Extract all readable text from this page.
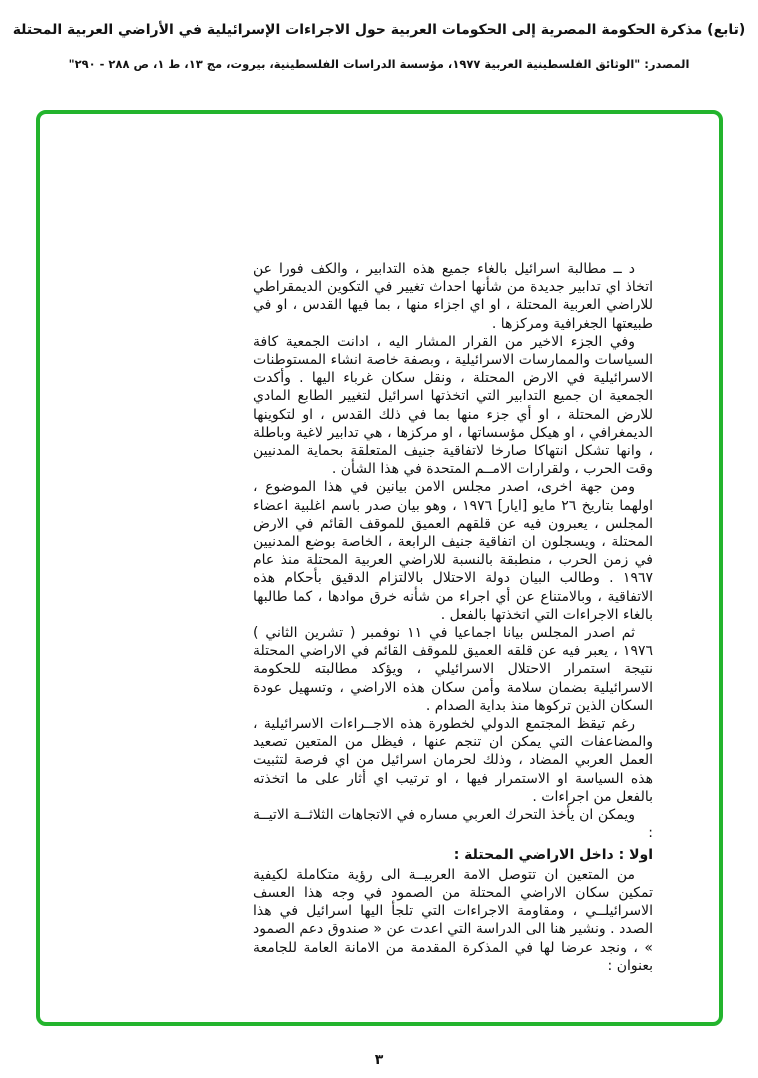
(تابع) مذكرة الحكومة المصرية إلى الحكومات العربية حول الاجراءات الإسرائيلية في الأراضي العربية المحتلة
المصدر: "الوثائق الفلسطينية العربية ١٩٧٧، مؤسسة الدراسات الفلسطينية، بيروت، مج ١٣، ط ١، ص ٢٨٨ - ٢٩٠"

د ــ مطالبة اسرائيل بالغاء جميع هذه التدابير ، والكف فورا عن اتخاذ اي تدابير جديدة من شأنها احداث تغيير في التكوين الديمقراطي للاراضي العربية المحتلة ، او اي اجزاء منها ، بما فيها القدس ، او في طبيعتها الجغرافية ومركزها .

وفي الجزء الاخير من القرار المشار اليه ، ادانت الجمعية كافة السياسات والممارسات الاسرائيلية ، وبصفة خاصة انشاء المستوطنات الاسرائيلية في الارض المحتلة ، ونقل سكان غرباء اليها . وأكدت الجمعية ان جميع التدابير التي اتخذتها اسرائيل لتغيير الطابع المادي للارض المحتلة ، او أي جزء منها بما في ذلك القدس ، او لتكوينها الديمغرافي ، او هيكل مؤسساتها ، او مركزها ، هي تدابير لاغية وباطلة ، وانها تشكل انتهاكا صارخا لاتفاقية جنيف المتعلقة بحماية المدنيين وقت الحرب ، ولقرارات الامــم المتحدة في هذا الشأن .

ومن جهة اخرى، اصدر مجلس الامن بيانين في هذا الموضوع ، اولهما بتاريخ ٢٦ مايو [ايار] ١٩٧٦ ، وهو بيان صدر باسم اغلبية اعضاء المجلس ، يعبرون فيه عن قلقهم العميق للموقف القائم في الارض المحتلة ، ويسجلون ان اتفاقية جنيف الرابعة ، الخاصة بوضع المدنيين في زمن الحرب ، منطبقة بالنسبة للاراضي العربية المحتلة منذ عام ١٩٦٧ . وطالب البيان دولة الاحتلال بالالتزام الدقيق بأحكام هذه الاتفاقية ، وبالامتناع عن أي اجراء من شأنه خرق موادها ، كما طالبها بالغاء الاجراءات التي اتخذتها بالفعل .

ثم اصدر المجلس بيانا اجماعيا في ١١ نوفمبر ( تشرين الثاني ) ١٩٧٦ ، يعبر فيه عن قلقه العميق للموقف القائم في الاراضي المحتلة نتيجة استمرار الاحتلال الاسرائيلي ، ويؤكد مطالبته للحكومة الاسرائيلية بضمان سلامة وأمن سكان هذه الاراضي ، وتسهيل عودة السكان الذين تركوها منذ بداية الصدام .

رغم تيقظ المجتمع الدولي لخطورة هذه الاجــراءات الاسرائيلية ، والمضاعفات التي يمكن ان تنجم عنها ، فيظل من المتعين تصعيد العمل العربي المضاد ، وذلك لحرمان اسرائيل من اي فرصة لتثبيت هذه السياسة او الاستمرار فيها ، او ترتيب اي أثار على ما اتخذته بالفعل من اجراءات .

ويمكن ان يأخذ التحرك العربي مساره في الاتجاهات الثلاثــة الاتيــة :

اولا : داخل الاراضي المحتلة :

من المتعين ان تتوصل الامة العربيــة الى رؤية متكاملة لكيفية تمكين سكان الاراضي المحتلة من الصمود في وجه هذا العسف الاسرائيلــي ، ومقاومة الاجراءات التي تلجأ اليها اسرائيل في هذا الصدد . ونشير هنا الى الدراسة التي اعدت عن « صندوق دعم الصمود » ، ونجد عرضا لها في المذكرة المقدمة من الامانة العامة للجامعة بعنوان :

٣
